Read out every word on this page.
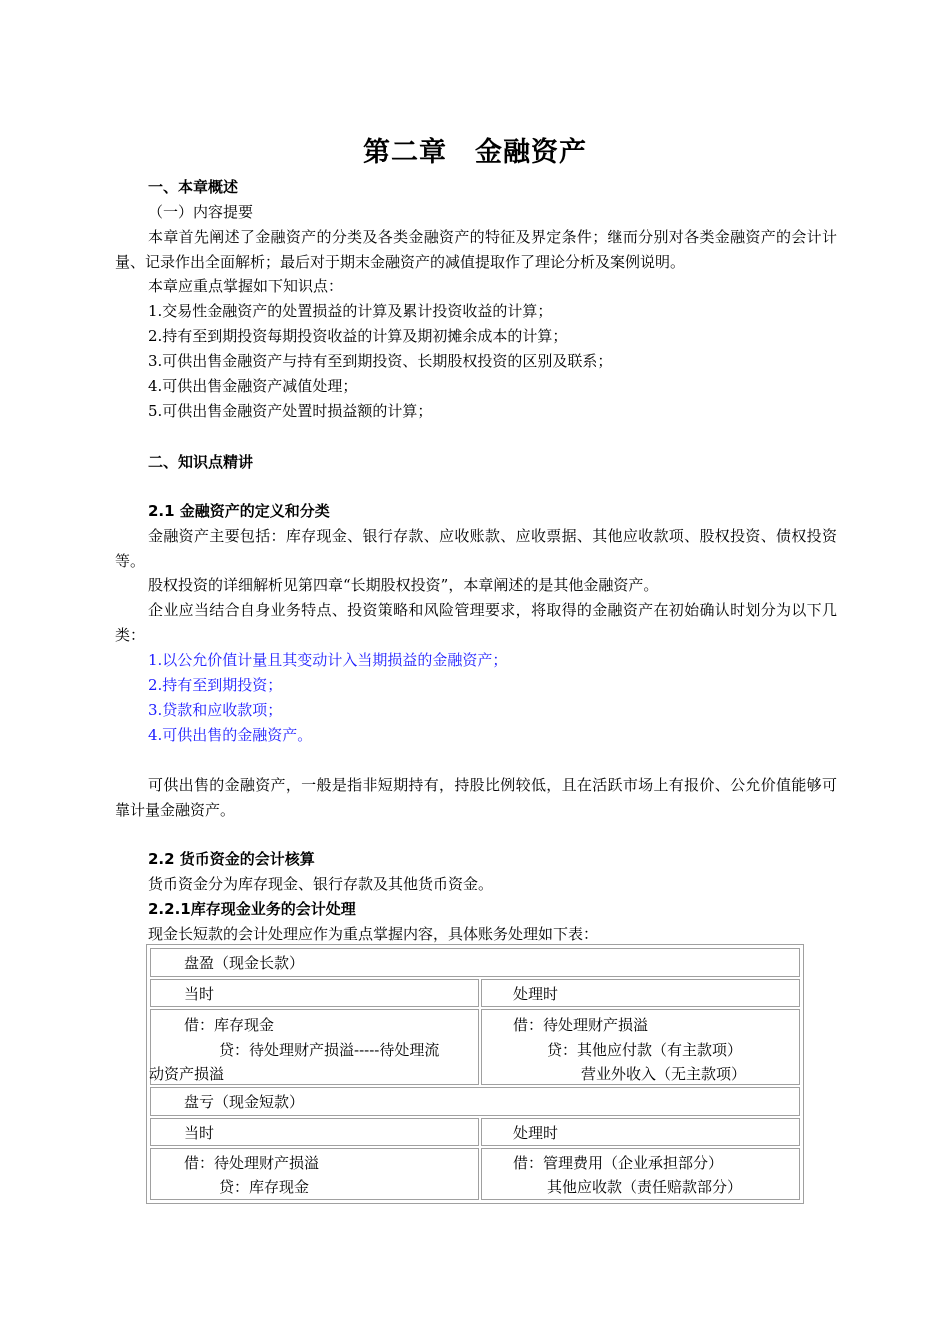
第二章　金融资产
一、本章概述
（一）内容提要
本章首先阐述了金融资产的分类及各类金融资产的特征及界定条件；继而分别对各类金融资产的会计计量、记录作出全面解析；最后对于期末金融资产的减值提取作了理论分析及案例说明。
本章应重点掌握如下知识点：
1.交易性金融资产的处置损益的计算及累计投资收益的计算；
2.持有至到期投资每期投资收益的计算及期初摊余成本的计算；
3.可供出售金融资产与持有至到期投资、长期股权投资的区别及联系；
4.可供出售金融资产减值处理；
5.可供出售金融资产处置时损益额的计算；
二、知识点精讲
2.1 金融资产的定义和分类
金融资产主要包括：库存现金、银行存款、应收账款、应收票据、其他应收款项、股权投资、债权投资等。
股权投资的详细解析见第四章“长期股权投资”，本章阐述的是其他金融资产。
企业应当结合自身业务特点、投资策略和风险管理要求，将取得的金融资产在初始确认时划分为以下几类：
1.以公允价值计量且其变动计入当期损益的金融资产；
2.持有至到期投资；
3.贷款和应收款项；
4.可供出售的金融资产。
可供出售的金融资产，一般是指非短期持有，持股比例较低，且在活跃市场上有报价、公允价值能够可靠计量金融资产。
2.2 货币资金的会计核算
货币资金分为库存现金、银行存款及其他货币资金。
2.2.1库存现金业务的会计处理
现金长短款的会计处理应作为重点掌握内容，具体账务处理如下表：
盘盈（现金长款）
当时	处理时
借：库存现金
贷：待处理财产损溢-----待处理流
动资产损溢
借：待处理财产损溢
贷：其他应付款（有主款项）
营业外收入（无主款项）
盘亏（现金短款）
当时	处理时
借：待处理财产损溢
贷：库存现金
借：管理费用（企业承担部分）
其他应收款（责任赔款部分）
